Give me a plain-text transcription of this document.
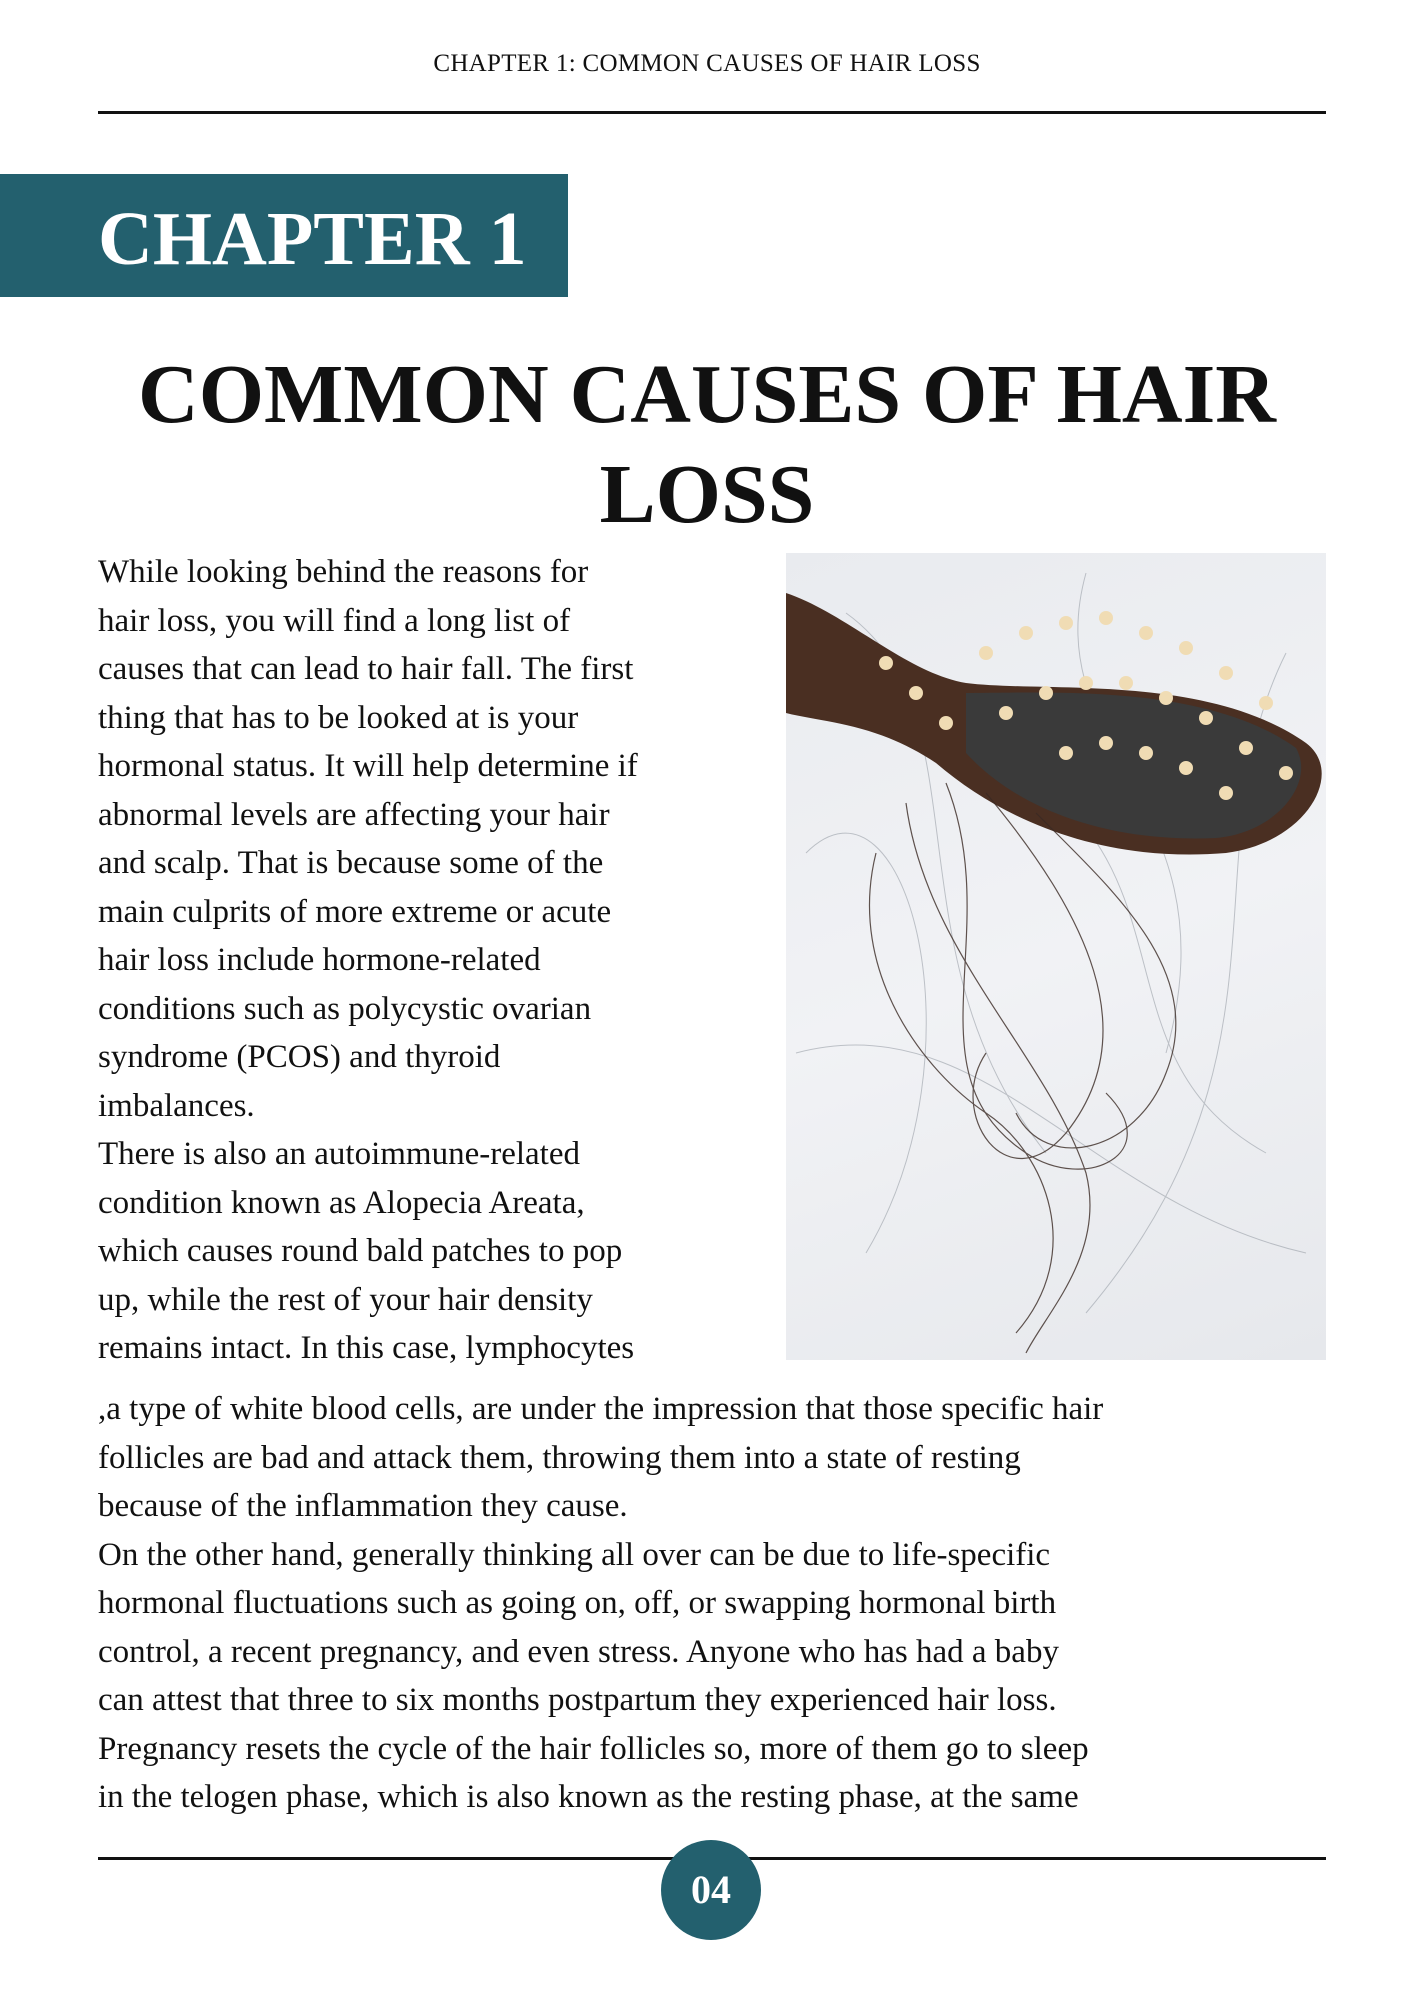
CHAPTER 1: COMMON CAUSES OF HAIR LOSS
CHAPTER 1
COMMON CAUSES OF HAIR
LOSS
While looking behind the reasons for
hair loss, you will find a long list of
causes that can lead to hair fall. The first
thing that has to be looked at is your
hormonal status. It will help determine if
abnormal levels are affecting your hair
and scalp. That is because some of the
main culprits of more extreme or acute
hair loss include hormone-related
conditions such as polycystic ovarian
syndrome (PCOS) and thyroid
imbalances.
There is also an autoimmune-related
condition known as Alopecia Areata,
which causes round bald patches to pop
up, while the rest of your hair density
remains intact. In this case, lymphocytes
,a type of white blood cells, are under the impression that those specific hair
follicles are bad and attack them, throwing them into a state of resting
because of the inflammation they cause.
On the other hand, generally thinking all over can be due to life-specific
hormonal fluctuations such as going on, off, or swapping hormonal birth
control, a recent pregnancy, and even stress. Anyone who has had a baby
can attest that three to six months postpartum they experienced hair loss.
Pregnancy resets the cycle of the hair follicles so, more of them go to sleep
in the telogen phase, which is also known as the resting phase, at the same
04
